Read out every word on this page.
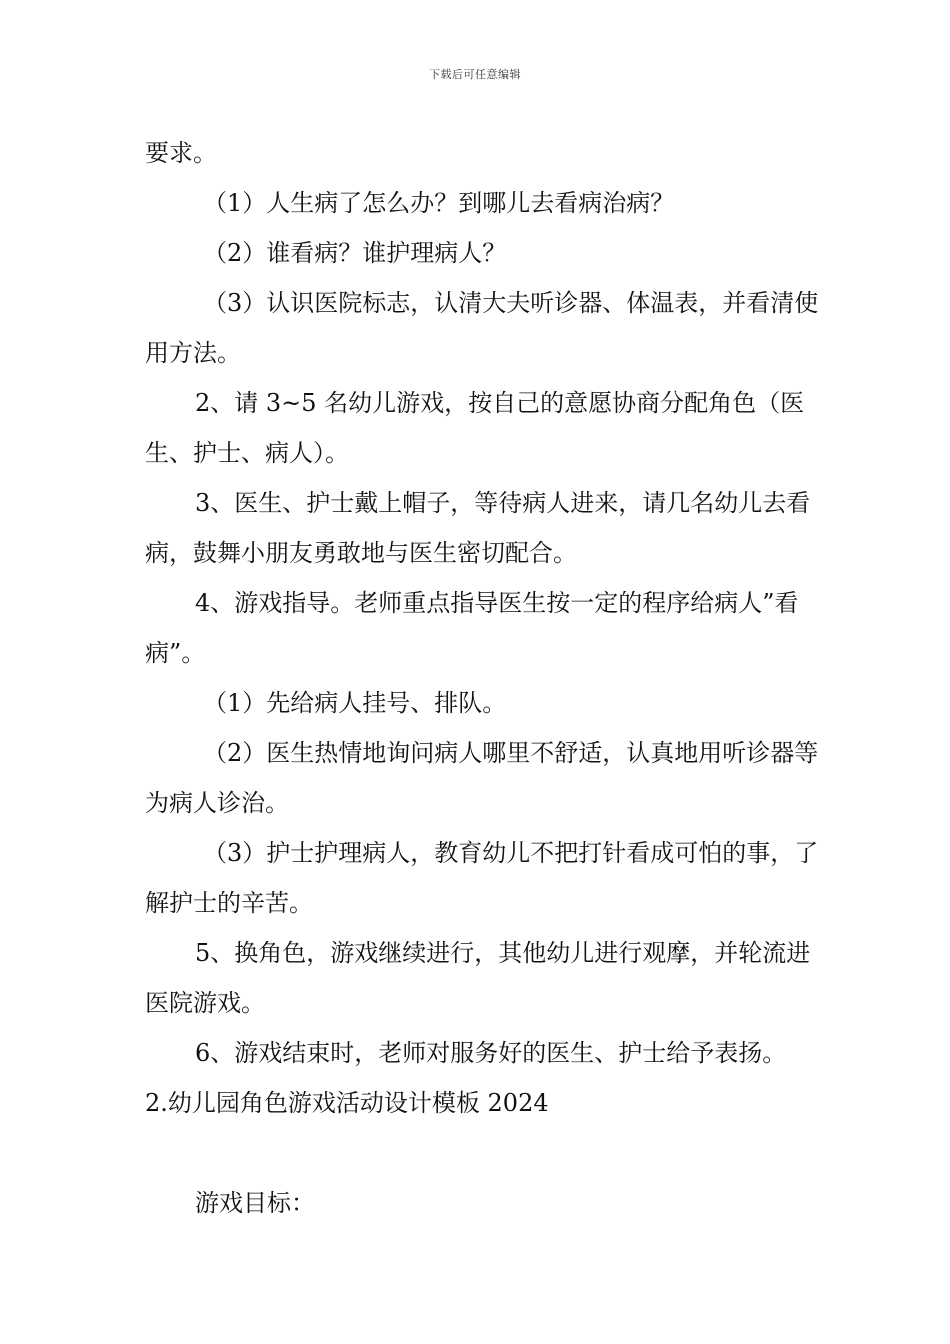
下载后可任意编辑

要求。

（1）人生病了怎么办？到哪儿去看病治病？

（2）谁看病？谁护理病人？

（3）认识医院标志，认清大夫听诊器、体温表，并看清使用方法。

2、请 3~5 名幼儿游戏，按自己的意愿协商分配角色（医生、护士、病人）。

3、医生、护士戴上帽子，等待病人进来，请几名幼儿去看病，鼓舞小朋友勇敢地与医生密切配合。

4、游戏指导。老师重点指导医生按一定的程序给病人”看病”。

（1）先给病人挂号、排队。

（2）医生热情地询问病人哪里不舒适，认真地用听诊器等为病人诊治。

（3）护士护理病人，教育幼儿不把打针看成可怕的事，了解护士的辛苦。

5、换角色，游戏继续进行，其他幼儿进行观摩，并轮流进医院游戏。

6、游戏结束时，老师对服务好的医生、护士给予表扬。

2.幼儿园角色游戏活动设计模板 2024

游戏目标：
